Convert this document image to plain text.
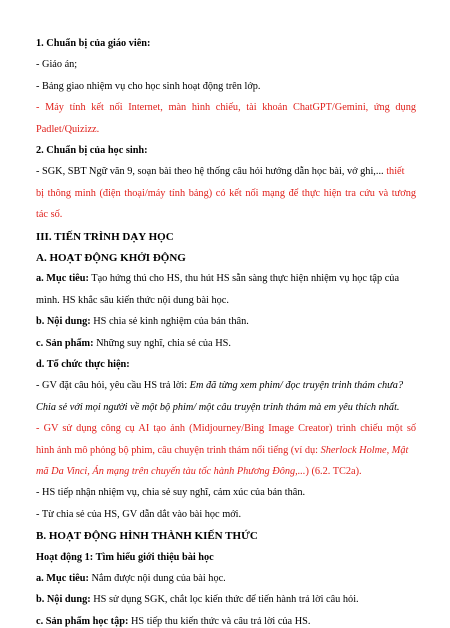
1. Chuẩn bị của giáo viên:
- Giáo án;
- Bảng giao nhiệm vụ cho học sinh hoạt động trên lớp.
- Máy tính kết nối Internet, màn hình chiếu, tài khoản ChatGPT/Gemini, ứng dụng
Padlet/Quizizz.
2. Chuẩn bị của học sinh:
- SGK, SBT Ngữ văn 9, soạn bài theo hệ thống câu hỏi hướng dẫn học bài, vở ghi,... thiết
bị thông minh (điện thoại/máy tính bảng) có kết nối mạng để thực hiện tra cứu và tương
tác số.
III. TIẾN TRÌNH DẠY HỌC
A. HOẠT ĐỘNG KHỞI ĐỘNG
a. Mục tiêu: Tạo hứng thú cho HS, thu hút HS sẵn sàng thực hiện nhiệm vụ học tập của
mình. HS khắc sâu kiến thức nội dung bài học.
b. Nội dung: HS chia sẻ kinh nghiệm của bản thân.
c. Sản phẩm: Những suy nghĩ, chia sẻ của HS.
d. Tổ chức thực hiện:
- GV đặt câu hỏi, yêu cầu HS trả lời: Em đã từng xem phim/ đọc truyện trinh thám chưa?
Chia sẻ với mọi người về một bộ phim/ một câu truyện trinh thám mà em yêu thích nhất.
- GV sử dụng công cụ AI tạo ảnh (Midjourney/Bing Image Creator) trình chiếu một số
hình ảnh mô phỏng bộ phim, câu chuyện trinh thám nổi tiếng (ví dụ: Sherlock Holme, Mật
mã Da Vinci, Án mạng trên chuyến tàu tốc hành Phương Đông,...) (6.2. TC2a).
- HS tiếp nhận nhiệm vụ, chia sẻ suy nghĩ, cảm xúc của bản thân.
- Từ chia sẻ của HS, GV dẫn dắt vào bài học mới.
B. HOẠT ĐỘNG HÌNH THÀNH KIẾN THỨC
Hoạt động 1: Tìm hiểu giới thiệu bài học
a. Mục tiêu: Nắm được nội dung của bài học.
b. Nội dung: HS sử dụng SGK, chắt lọc kiến thức để tiến hành trả lời câu hỏi.
c. Sản phẩm học tập: HS tiếp thu kiến thức và câu trả lời của HS.
